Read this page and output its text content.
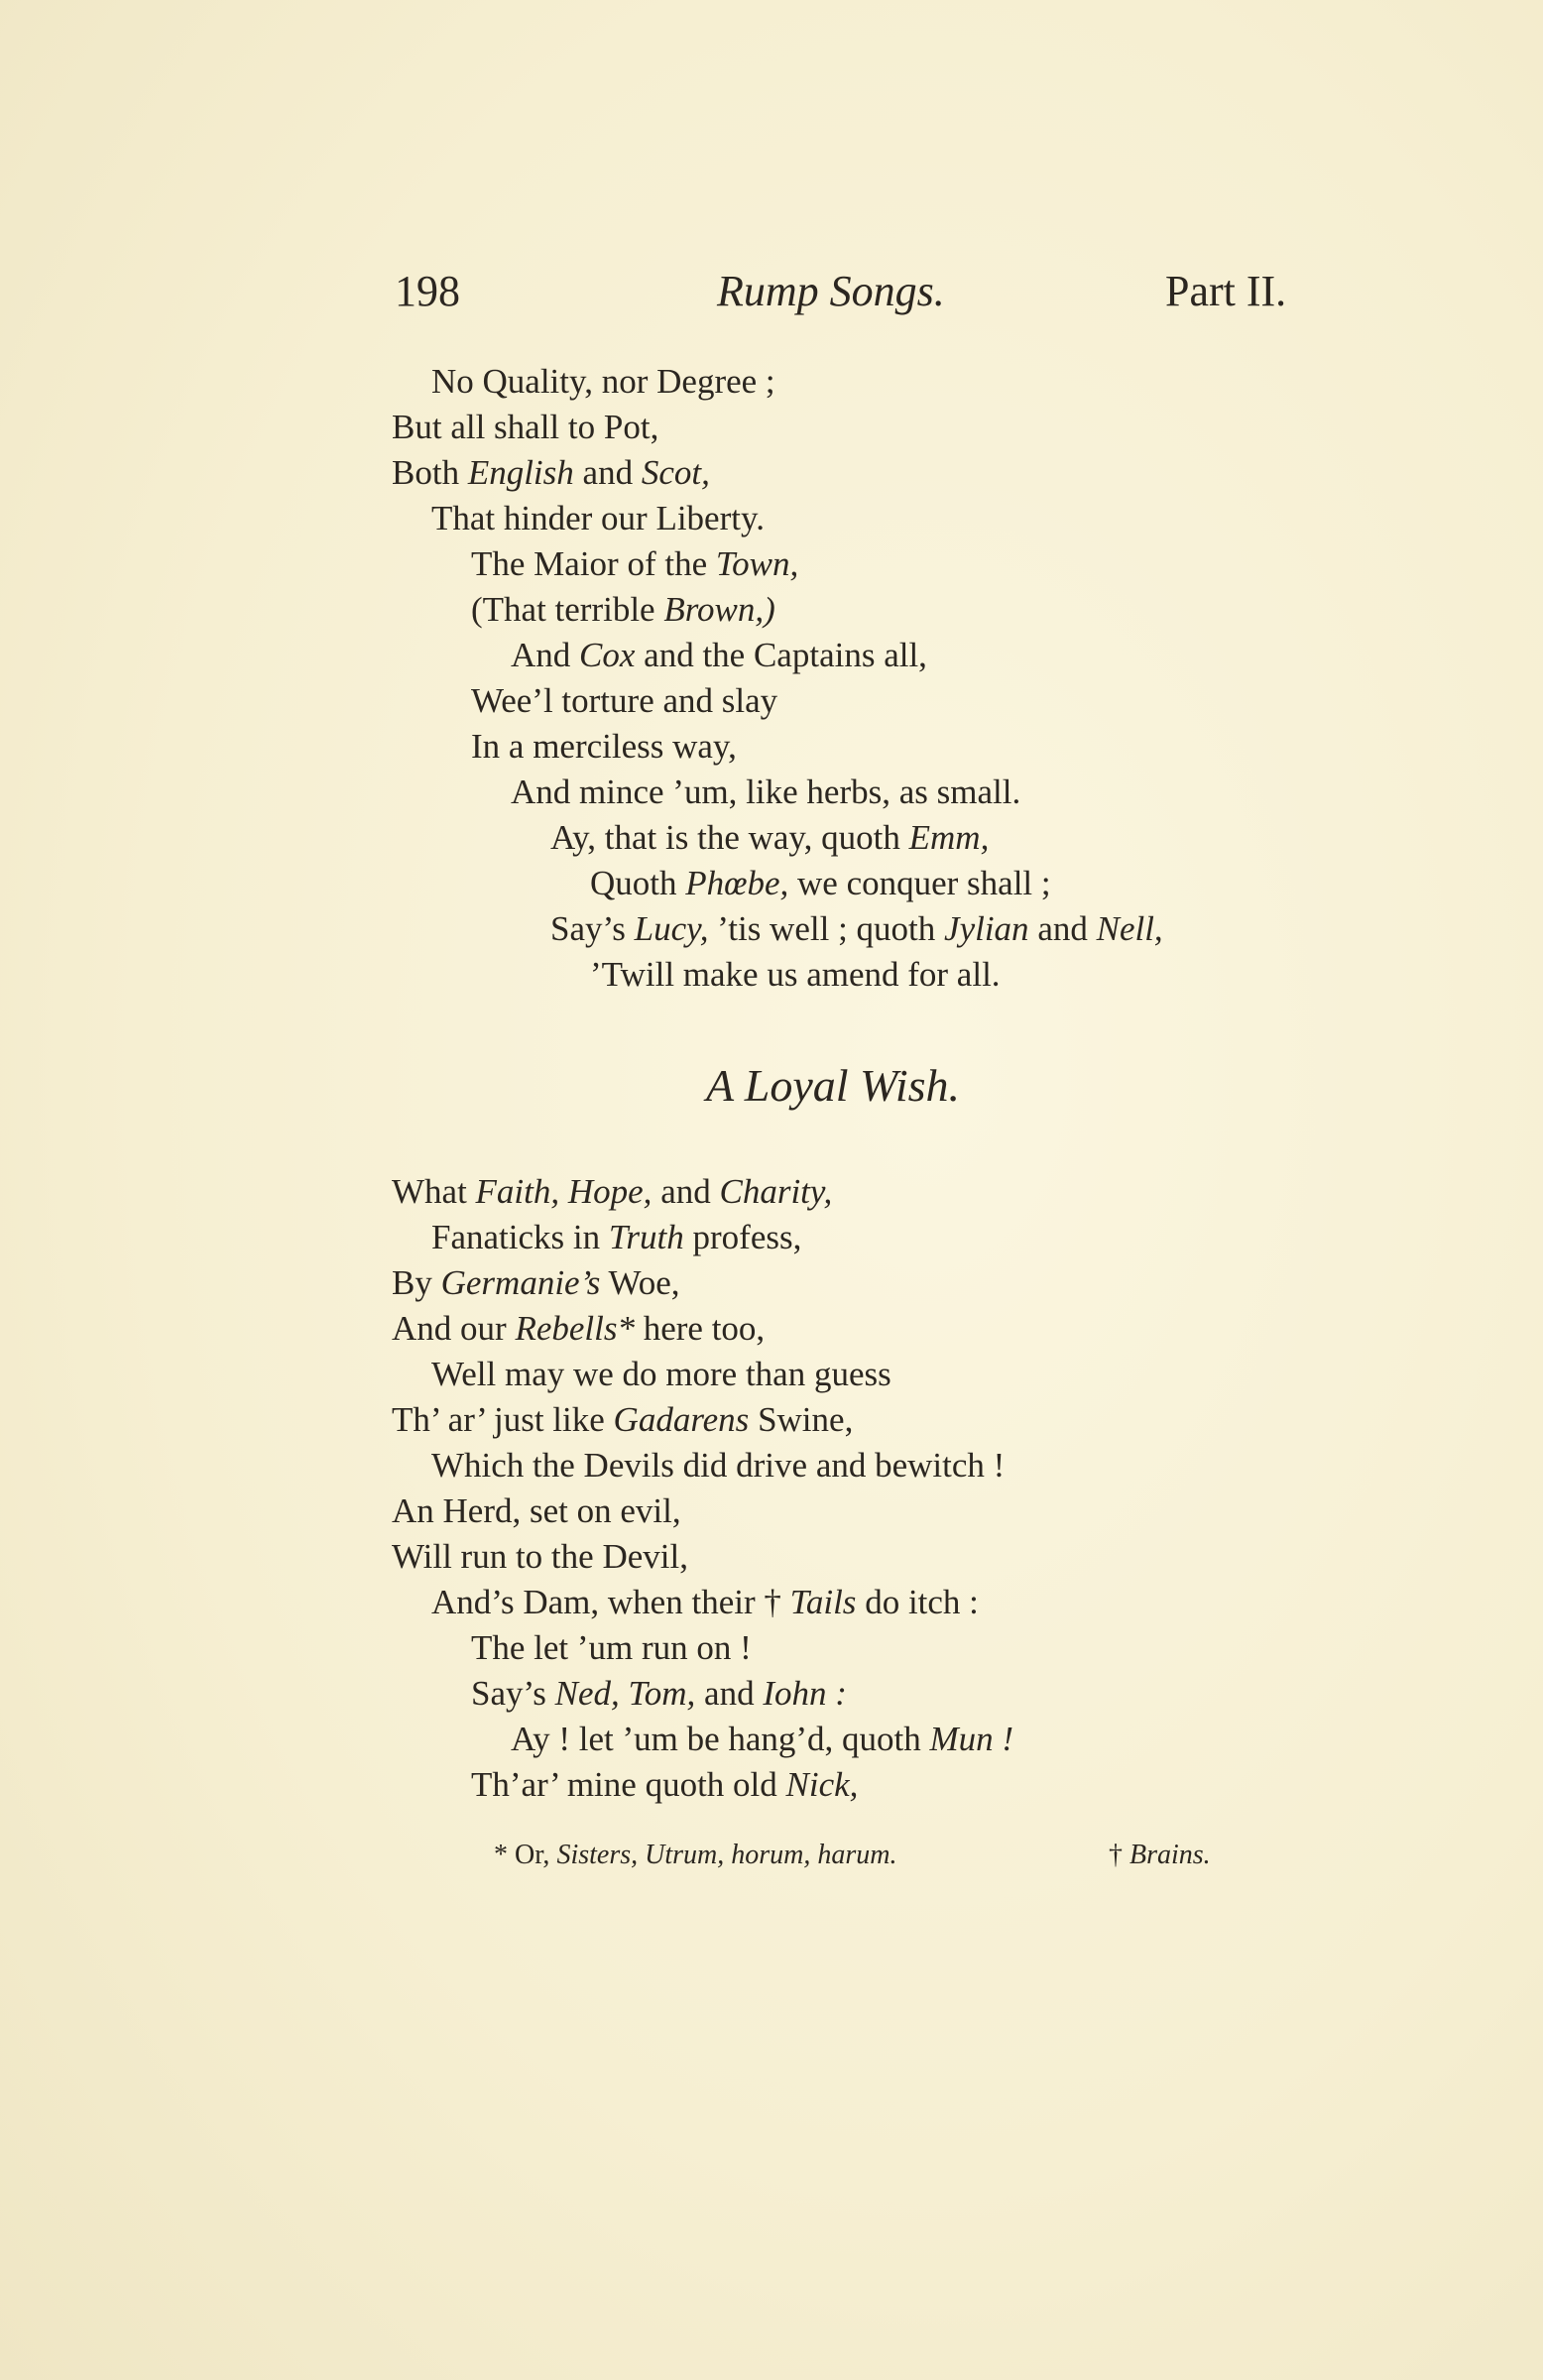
198	Rump Songs.	Part II.
No Quality, nor Degree ;
But all shall to Pot,
Both English and Scot,
That hinder our Liberty.
The Maior of the Town,
(That terrible Brown,)
And Cox and the Captains all,
Wee’l torture and slay
In a merciless way,
And mince ’um, like herbs, as small.
Ay, that is the way, quoth Emm,
Quoth Phœbe, we conquer shall ;
Say’s Lucy, ’tis well ; quoth Jylian and Nell,
’Twill make us amend for all.
A Loyal Wish.
What Faith, Hope, and Charity,
Fanaticks in Truth profess,
By Germanie’s Woe,
And our Rebells* here too,
Well may we do more than guess
Th’ ar’ just like Gadarens Swine,
Which the Devils did drive and bewitch !
An Herd, set on evil,
Will run to the Devil,
And’s Dam, when their † Tails do itch :
The let ’um run on !
Say’s Ned, Tom, and Iohn :
Ay ! let ’um be hang’d, quoth Mun !
Th’ar’ mine quoth old Nick,
* Or, Sisters, Utrum, horum, harum.	† Brains.
